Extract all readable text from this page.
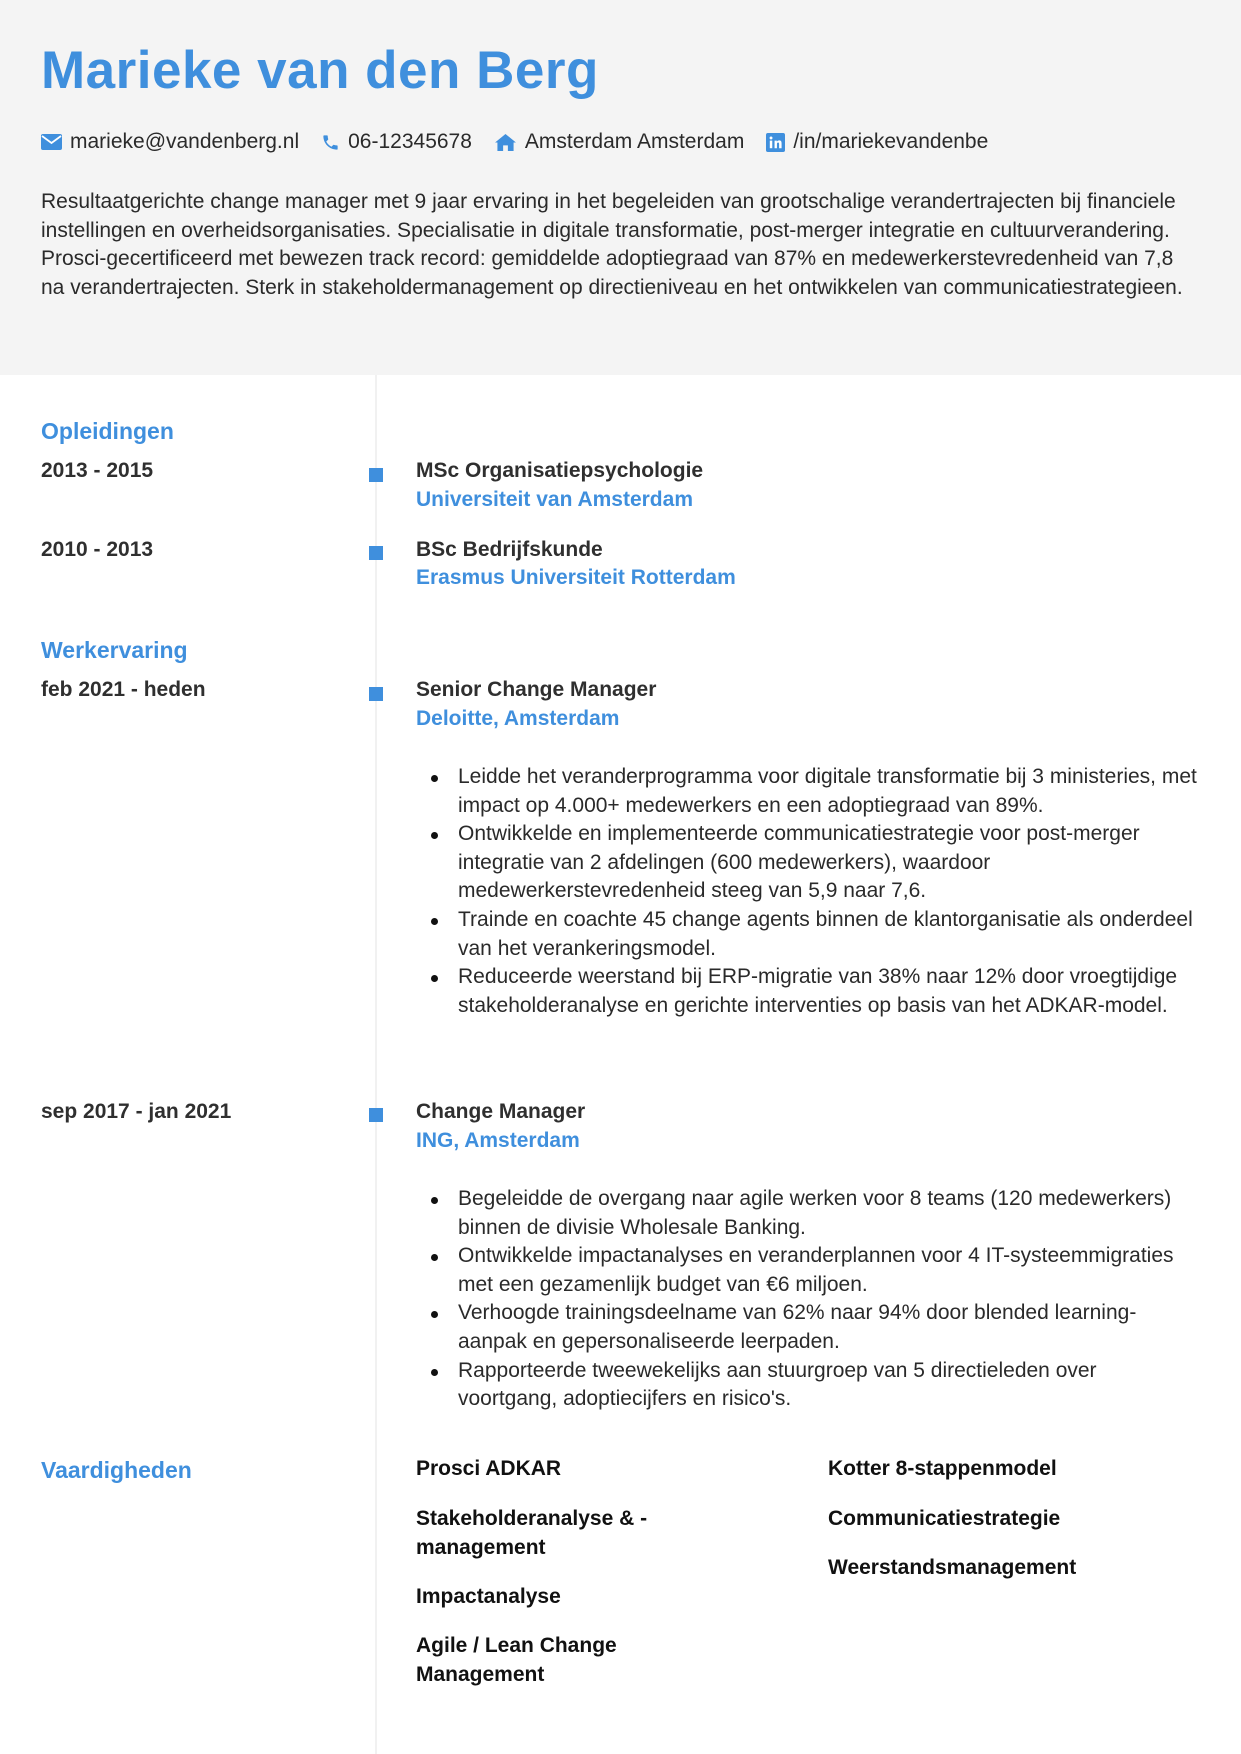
Marieke van den Berg
marieke@vandenberg.nl 06-12345678	Amsterdam Amsterdam /in/mariekevandenbe

Resultaatgerichte change manager met 9 jaar ervaring in het begeleiden van grootschalige verandertrajecten bij financiele instellingen en overheidsorganisaties. Specialisatie in digitale transformatie, post-merger integratie en cultuurverandering. Prosci-gecertificeerd met bewezen track record: gemiddelde adoptiegraad van 87% en medewerkerstevredenheid van 7,8 na verandertrajecten. Sterk in stakeholdermanagement op directieniveau en het ontwikkelen van communicatiestrategieen.

Opleidingen
2013 - 2015	MSc Organisatiepsychologie
Universiteit van Amsterdam
2010 - 2013	BSc Bedrijfskunde
Erasmus Universiteit Rotterdam
Werkervaring
feb 2021 - heden	Senior Change Manager
Deloitte, Amsterdam
Leidde het veranderprogramma voor digitale transformatie bij 3 ministeries, met impact op 4.000+ medewerkers en een adoptiegraad van 89%.
Ontwikkelde en implementeerde communicatiestrategie voor post-merger integratie van 2 afdelingen (600 medewerkers), waardoor medewerkerstevredenheid steeg van 5,9 naar 7,6.
Trainde en coachte 45 change agents binnen de klantorganisatie als onderdeel van het verankeringsmodel.
Reduceerde weerstand bij ERP-migratie van 38% naar 12% door vroegtijdige stakeholderanalyse en gerichte interventies op basis van het ADKAR-model.
sep 2017 - jan 2021	Change Manager
ING, Amsterdam
Begeleidde de overgang naar agile werken voor 8 teams (120 medewerkers) binnen de divisie Wholesale Banking.
Ontwikkelde impactanalyses en veranderplannen voor 4 IT-systeemmigraties met een gezamenlijk budget van €6 miljoen.
Verhoogde trainingsdeelname van 62% naar 94% door blended learning-aanpak en gepersonaliseerde leerpaden.
Rapporteerde tweewekelijks aan stuurgroep van 5 directieleden over voortgang, adoptiecijfers en risico's.
Vaardigheden	Prosci ADKAR
Stakeholderanalyse & -management
Impactanalyse
Agile / Lean Change Management
Kotter 8-stappenmodel
Communicatiestrategie
Weerstandsmanagement
